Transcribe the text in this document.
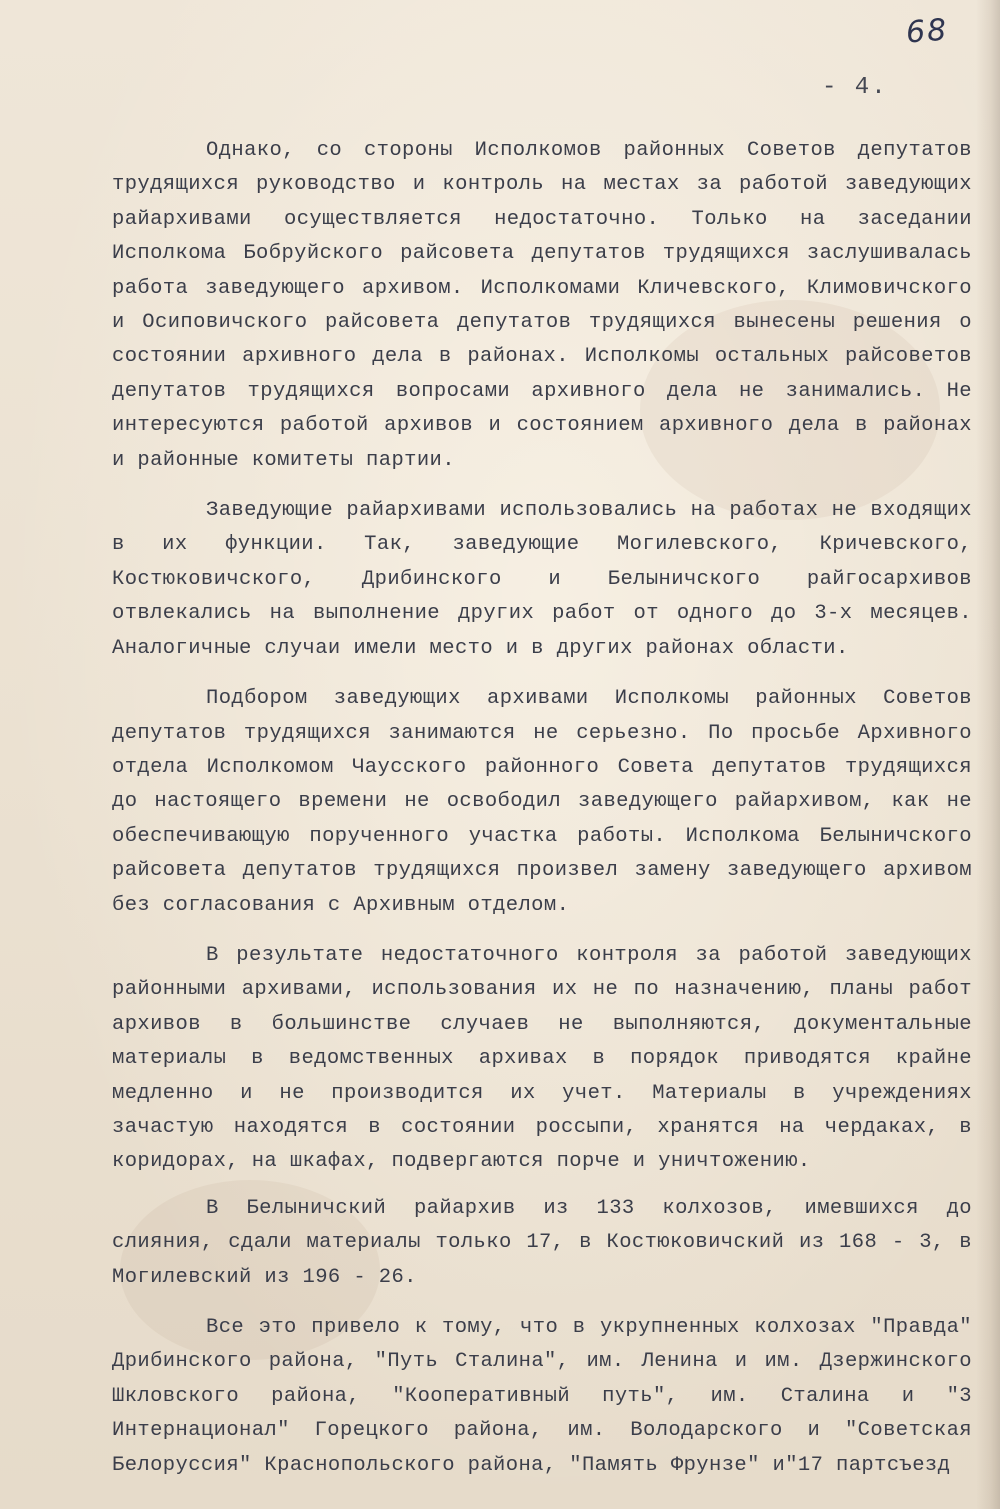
68
- 4.

Однако, со стороны Исполкомов районных Советов депутатов трудящихся руководство и контроль на местах за работой заведующих райархивами осуществляется недостаточно. Только на заседании Исполкома Бобруйского райсовета депутатов трудящихся заслушивалась работа заведующего архивом. Исполкомами Кличевского, Климовичского и Осиповичского райсовета депутатов трудящихся вынесены решения о состоянии архивного дела в районах. Исполкомы остальных райсоветов депутатов трудящихся вопросами архивного дела не занимались. Не интересуются работой архивов и состоянием архивного дела в районах и районные комитеты партии.

Заведующие райархивами использовались на работах не входящих в их функции. Так, заведующие Могилевского, Кричевского, Костюковичского, Дрибинского и Белыничского райгосархивов отвлекались на выполнение других работ от одного до 3-х месяцев. Аналогичные случаи имели место и в других районах области.

Подбором заведующих архивами Исполкомы районных Советов депутатов трудящихся занимаются не серьезно. По просьбе Архивного отдела Исполкомом Чаусского районного Совета депутатов трудящихся до настоящего времени не освободил заведующего райархивом, как не обеспечивающую порученного участка работы. Исполкома Белыничского райсовета депутатов трудящихся произвел замену заведующего архивом без согласования с Архивным отделом.

В результате недостаточного контроля за работой заведующих районными архивами, использования их не по назначению, планы работ архивов в большинстве случаев не выполняются, документальные материалы в ведомственных архивах в порядок приводятся крайне медленно и не производится их учет. Материалы в учреждениях зачастую находятся в состоянии россыпи, хранятся на чердаках, в коридорах, на шкафах, подвергаются порче и уничтожению.

В Белыничский райархив из 133 колхозов, имевшихся до слияния, сдали материалы только 17, в Костюковичский из 168 - 3, в Могилевский из 196 - 26.

Все это привело к тому, что в укрупненных колхозах "Правда" Дрибинского района, "Путь Сталина", им. Ленина и им. Дзержинского Шкловского района, "Кооперативный путь", им. Сталина и "3 Интернационал" Горецкого района, им. Володарского и "Советская Белоруссия" Краснопольского района, "Память Фрунзе" и"17 партсъезд
